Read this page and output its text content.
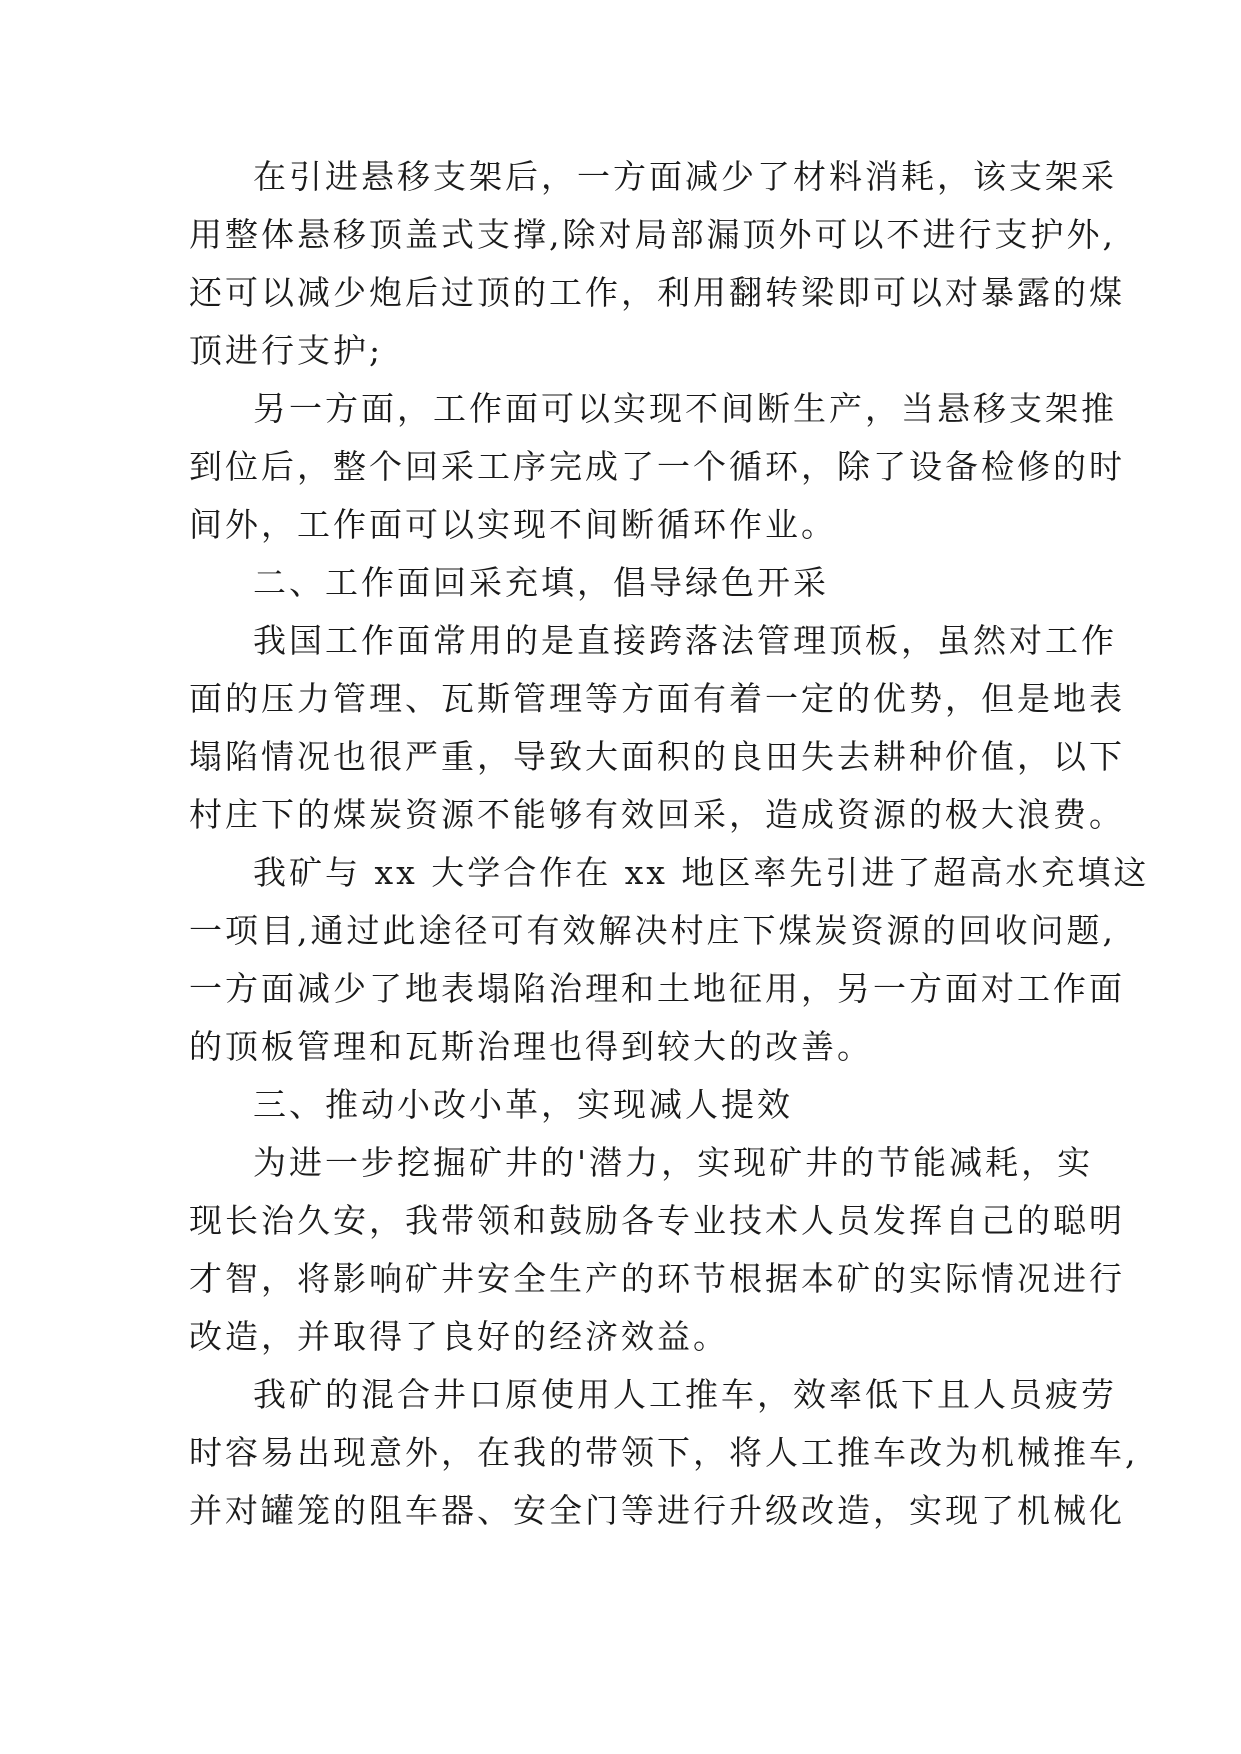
在引进悬移支架后，一方面减少了材料消耗，该支架采
用整体悬移顶盖式支撑,除对局部漏顶外可以不进行支护外,
还可以减少炮后过顶的工作，利用翻转梁即可以对暴露的煤
顶进行支护;
另一方面，工作面可以实现不间断生产，当悬移支架推
到位后，整个回采工序完成了一个循环，除了设备检修的时
间外，工作面可以实现不间断循环作业。
二、工作面回采充填，倡导绿色开采
我国工作面常用的是直接跨落法管理顶板，虽然对工作
面的压力管理、瓦斯管理等方面有着一定的优势，但是地表
塌陷情况也很严重，导致大面积的良田失去耕种价值，以下
村庄下的煤炭资源不能够有效回采，造成资源的极大浪费。
我矿与 xx 大学合作在 xx 地区率先引进了超高水充填这
一项目,通过此途径可有效解决村庄下煤炭资源的回收问题,
一方面减少了地表塌陷治理和土地征用，另一方面对工作面
的顶板管理和瓦斯治理也得到较大的改善。
三、推动小改小革，实现减人提效
为进一步挖掘矿井的'潜力，实现矿井的节能减耗，实
现长治久安，我带领和鼓励各专业技术人员发挥自己的聪明
才智，将影响矿井安全生产的环节根据本矿的实际情况进行
改造，并取得了良好的经济效益。
我矿的混合井口原使用人工推车，效率低下且人员疲劳
时容易出现意外，在我的带领下，将人工推车改为机械推车,
并对罐笼的阻车器、安全门等进行升级改造，实现了机械化
